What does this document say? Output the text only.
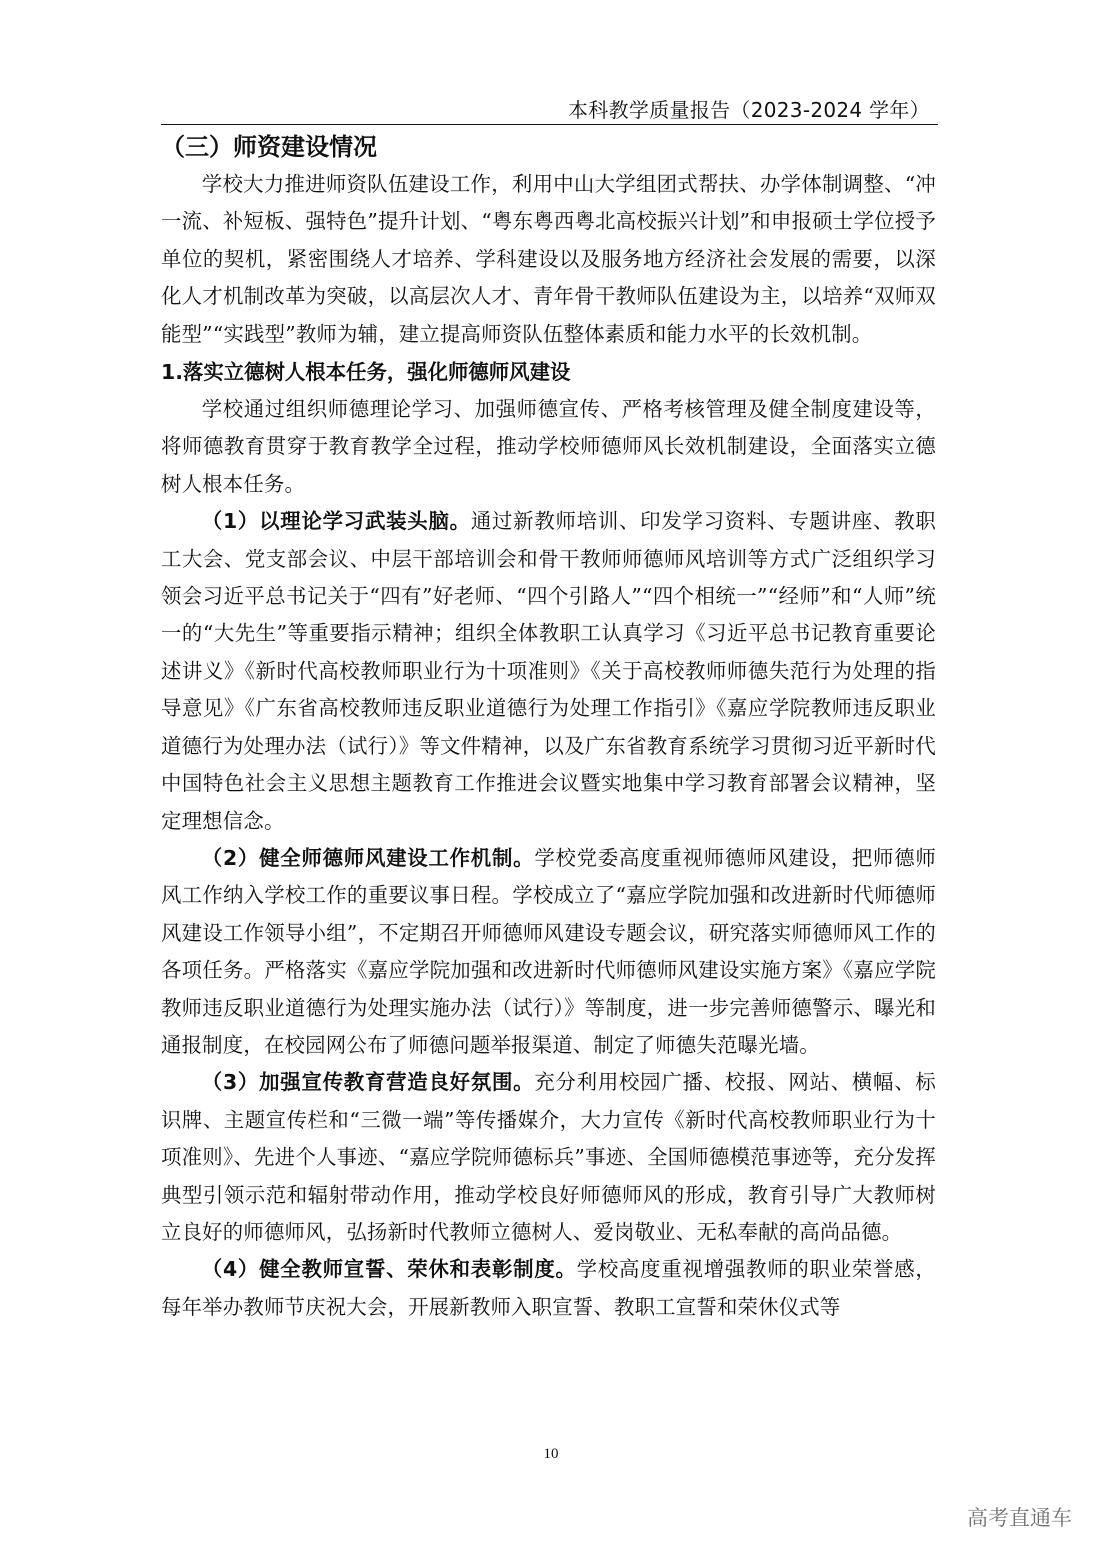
本科教学质量报告（2023-2024 学年）
（三）师资建设情况

学校大力推进师资队伍建设工作，利用中山大学组团式帮扶、办学体制调整、“冲一流、补短板、强特色”提升计划、“粤东粤西粤北高校振兴计划”和申报硕士学位授予单位的契机，紧密围绕人才培养、学科建设以及服务地方经济社会发展的需要，以深化人才机制改革为突破，以高层次人才、青年骨干教师队伍建设为主，以培养“双师双能型”“实践型”教师为辅，建立提高师资队伍整体素质和能力水平的长效机制。

1.落实立德树人根本任务，强化师德师风建设

学校通过组织师德理论学习、加强师德宣传、严格考核管理及健全制度建设等，将师德教育贯穿于教育教学全过程，推动学校师德师风长效机制建设，全面落实立德树人根本任务。

（1）以理论学习武装头脑。通过新教师培训、印发学习资料、专题讲座、教职工大会、党支部会议、中层干部培训会和骨干教师师德师风培训等方式广泛组织学习领会习近平总书记关于“四有”好老师、“四个引路人”“四个相统一”“经师”和“人师”统一的“大先生”等重要指示精神；组织全体教职工认真学习《习近平总书记教育重要论述讲义》《新时代高校教师职业行为十项准则》《关于高校教师师德失范行为处理的指导意见》《广东省高校教师违反职业道德行为处理工作指引》《嘉应学院教师违反职业道德行为处理办法（试行）》等文件精神，以及广东省教育系统学习贯彻习近平新时代中国特色社会主义思想主题教育工作推进会议暨实地集中学习教育部署会议精神，坚定理想信念。

（2）健全师德师风建设工作机制。学校党委高度重视师德师风建设，把师德师风工作纳入学校工作的重要议事日程。学校成立了“嘉应学院加强和改进新时代师德师风建设工作领导小组”，不定期召开师德师风建设专题会议，研究落实师德师风工作的各项任务。严格落实《嘉应学院加强和改进新时代师德师风建设实施方案》《嘉应学院教师违反职业道德行为处理实施办法（试行）》等制度，进一步完善师德警示、曝光和通报制度，在校园网公布了师德问题举报渠道、制定了师德失范曝光墙。

（3）加强宣传教育营造良好氛围。充分利用校园广播、校报、网站、横幅、标识牌、主题宣传栏和“三微一端”等传播媒介，大力宣传《新时代高校教师职业行为十项准则》、先进个人事迹、“嘉应学院师德标兵”事迹、全国师德模范事迹等，充分发挥典型引领示范和辐射带动作用，推动学校良好师德师风的形成，教育引导广大教师树立良好的师德师风，弘扬新时代教师立德树人、爱岗敬业、无私奉献的高尚品德。

（4）健全教师宣誓、荣休和表彰制度。学校高度重视增强教师的职业荣誉感，每年举办教师节庆祝大会，开展新教师入职宣誓、教职工宣誓和荣休仪式等

10
高考直通车
